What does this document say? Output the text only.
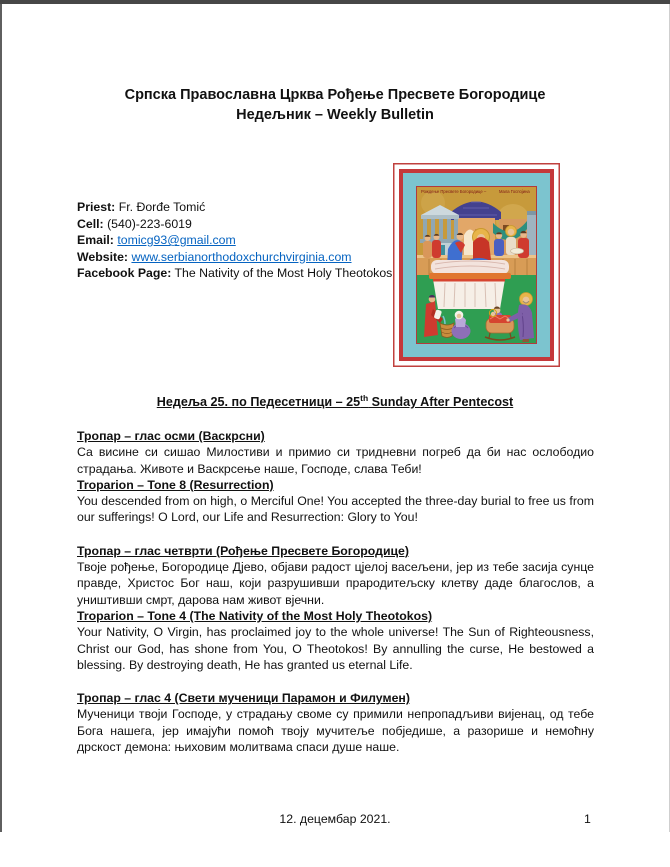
Српска Православна Црква Рођење Пресвете Богородице
Недељник – Weekly Bulletin
Priest: Fr. Đorđe Tomić
Cell: (540)-223-6019
Email: tomicg93@gmail.com
Website: www.serbianorthodoxchurchvirginia.com
Facebook Page: The Nativity of the Most Holy Theotokos
Рождење Пресвете Богородице –	Мала Госпојина
Недеља 25. по Педесетници – 25th Sunday After Pentecost
Тропар – глас осми (Васкрсни)

Са висине си сишао Милостиви и примио си тридневни погреб да би нас ослободио страдања. Животе и Васкрсење наше, Господе, слава Теби!

Troparion – Tone 8 (Resurrection)

You descended from on high, o Merciful One! You accepted the three-day burial to free us from our sufferings! O Lord, our Life and Resurrection: Glory to You!

Тропар – глас четврти (Рођење Пресвете Богородице)

Твоје рођење, Богородице Дјево, објави радост цјелој васељени, јер из тебе засија сунце правде, Христос Бог наш, који разрушивши прародитељску клетву даде благослов, а уништивши смрт, дарова нам живот вјечни.

Troparion – Tone 4 (The Nativity of the Most Holy Theotokos)

Your Nativity, O Virgin, has proclaimed joy to the whole universe! The Sun of Righteousness, Christ our God, has shone from You, O Theotokos! By annulling the curse, He bestowed a blessing. By destroying death, He has granted us eternal Life.

Тропар – глас 4 (Свети мученици Парамон и Филумен)

Мученици твоји Господе, у страдању своме су примили непропадљиви вијенац, од тебе Бога нашега, јер имајући помоћ твоју мучитеље побједише, а разорише и немоћну дрскост демона: њиховим молитвама спаси душе наше.

12. децембар 2021.	1
